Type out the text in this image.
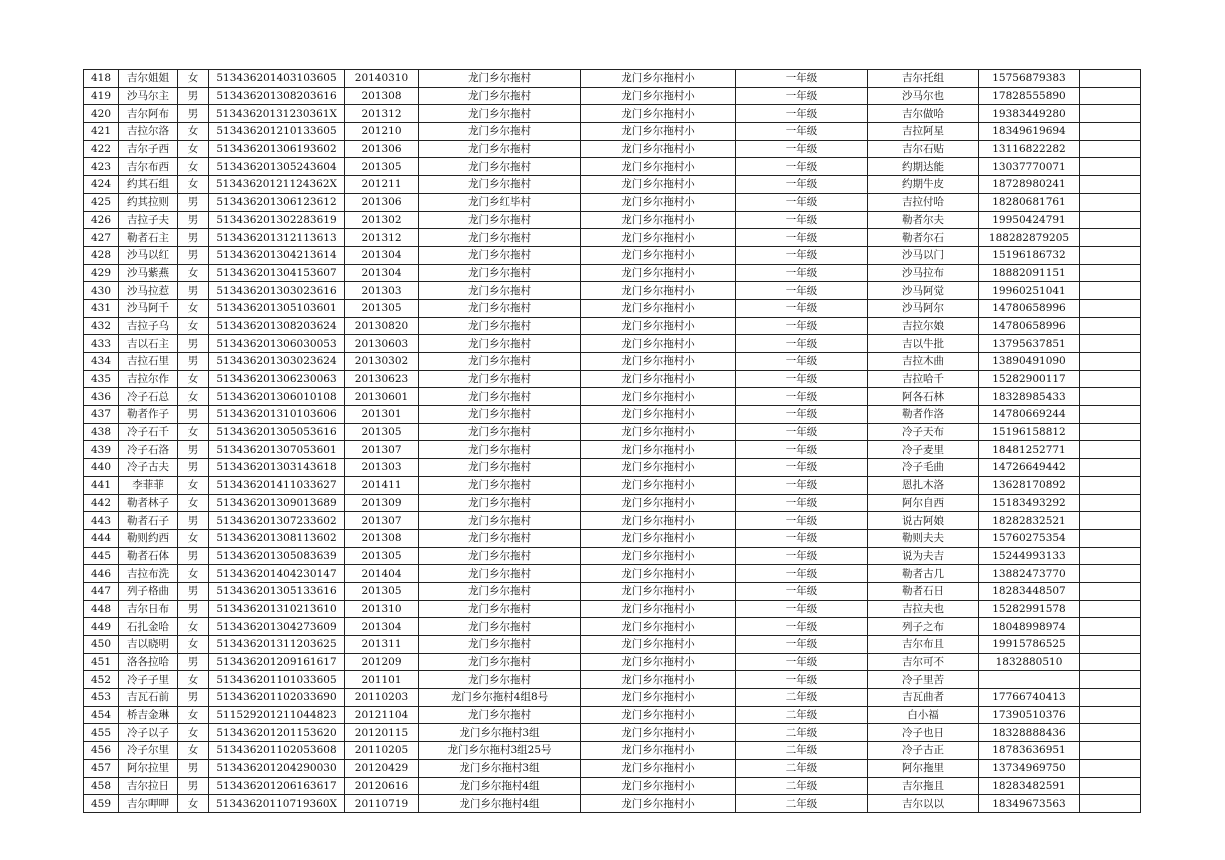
418	吉尔姐姐	女	513436201403103605	20140310	龙门乡尔拖村	龙门乡尔拖村小	一年级	吉尔托组	15756879383	
419	沙马尔主	男	513436201308203616	201308	龙门乡尔拖村	龙门乡尔拖村小	一年级	沙马尔也	17828555890	
420	吉尔阿布	男	51343620131230361X	201312	龙门乡尔拖村	龙门乡尔拖村小	一年级	吉尔做哈	19383449280	
421	吉拉尔洛	女	513436201210133605	201210	龙门乡尔拖村	龙门乡尔拖村小	一年级	吉拉阿星	18349619694	
422	吉尔子西	女	513436201306193602	201306	龙门乡尔拖村	龙门乡尔拖村小	一年级	吉尔石贴	13116822282	
423	吉尔布西	女	513436201305243604	201305	龙门乡尔拖村	龙门乡尔拖村小	一年级	约期达能	13037770071	
424	约其石组	女	51343620121124362X	201211	龙门乡尔拖村	龙门乡尔拖村小	一年级	约期牛皮	18728980241	
425	约其拉则	男	513436201306123612	201306	龙门乡红毕村	龙门乡尔拖村小	一年级	吉拉付哈	18280681761	
426	吉拉子夫	男	513436201302283619	201302	龙门乡尔拖村	龙门乡尔拖村小	一年级	勒者尔夫	19950424791	
427	勒者石主	男	513436201312113613	201312	龙门乡尔拖村	龙门乡尔拖村小	一年级	勒者尔石	188282879205	
428	沙马以红	男	513436201304213614	201304	龙门乡尔拖村	龙门乡尔拖村小	一年级	沙马以门	15196186732	
429	沙马紫燕	女	513436201304153607	201304	龙门乡尔拖村	龙门乡尔拖村小	一年级	沙马拉布	18882091151	
430	沙马拉惹	男	513436201303023616	201303	龙门乡尔拖村	龙门乡尔拖村小	一年级	沙马阿觉	19960251041	
431	沙马阿千	女	513436201305103601	201305	龙门乡尔拖村	龙门乡尔拖村小	一年级	沙马阿尔	14780658996	
432	吉拉子乌	女	513436201308203624	20130820	龙门乡尔拖村	龙门乡尔拖村小	一年级	吉拉尔娘	14780658996	
433	吉以石主	男	513436201306030053	20130603	龙门乡尔拖村	龙门乡尔拖村小	一年级	吉以牛批	13795637851	
434	吉拉石里	男	513436201303023624	20130302	龙门乡尔拖村	龙门乡尔拖村小	一年级	吉拉木曲	13890491090	
435	吉拉尔作	女	513436201306230063	20130623	龙门乡尔拖村	龙门乡尔拖村小	一年级	吉拉哈千	15282900117	
436	冷子石总	女	513436201306010108	20130601	龙门乡尔拖村	龙门乡尔拖村小	一年级	阿各石林	18328985433	
437	勒者作子	男	513436201310103606	201301	龙门乡尔拖村	龙门乡尔拖村小	一年级	勒者作洛	14780669244	
438	冷子石千	女	513436201305053616	201305	龙门乡尔拖村	龙门乡尔拖村小	一年级	冷子天布	15196158812	
439	冷子石洛	男	513436201307053601	201307	龙门乡尔拖村	龙门乡尔拖村小	一年级	冷子麦里	18481252771	
440	冷子古夫	男	513436201303143618	201303	龙门乡尔拖村	龙门乡尔拖村小	一年级	冷子毛曲	14726649442	
441	李菲菲	女	513436201411033627	201411	龙门乡尔拖村	龙门乡尔拖村小	一年级	恩扎木洛	13628170892	
442	勒者林子	女	513436201309013689	201309	龙门乡尔拖村	龙门乡尔拖村小	一年级	阿尔自西	15183493292	
443	勒者石子	男	513436201307233602	201307	龙门乡尔拖村	龙门乡尔拖村小	一年级	说古阿娘	18282832521	
444	勒则约西	女	513436201308113602	201308	龙门乡尔拖村	龙门乡尔拖村小	一年级	勒则夫夫	15760275354	
445	勒者石体	男	513436201305083639	201305	龙门乡尔拖村	龙门乡尔拖村小	一年级	说为夫吉	15244993133	
446	吉拉布洗	女	513436201404230147	201404	龙门乡尔拖村	龙门乡尔拖村小	一年级	勒者古几	13882473770	
447	列子格曲	男	513436201305133616	201305	龙门乡尔拖村	龙门乡尔拖村小	一年级	勒者石日	18283448507	
448	吉尔日布	男	513436201310213610	201310	龙门乡尔拖村	龙门乡尔拖村小	一年级	吉拉夫也	15282991578	
449	石扎金哈	女	513436201304273609	201304	龙门乡尔拖村	龙门乡尔拖村小	一年级	列子之布	18048998974	
450	吉以晓明	女	513436201311203625	201311	龙门乡尔拖村	龙门乡尔拖村小	一年级	吉尔布且	19915786525	
451	洛各拉哈	男	513436201209161617	201209	龙门乡尔拖村	龙门乡尔拖村小	一年级	吉尔可不	1832880510	
452	冷子子里	女	513436201101033605	201101	龙门乡尔拖村	龙门乡尔拖村小	一年级	冷子里苦		
453	吉瓦石前	男	513436201102033690	20110203	龙门乡尔拖村4组8号	龙门乡尔拖村小	二年级	吉瓦曲者	17766740413	
454	桥吉金琳	女	511529201211044823	20121104	龙门乡尔拖村	龙门乡尔拖村小	二年级	白小福	17390510376	
455	冷子以子	女	513436201201153620	20120115	龙门乡尔拖村3组	龙门乡尔拖村小	二年级	冷子也日	18328888436	
456	冷子尔里	女	513436201102053608	20110205	龙门乡尔拖村3组25号	龙门乡尔拖村小	二年级	冷子古正	18783636951	
457	阿尔拉里	男	513436201204290030	20120429	龙门乡尔拖村3组	龙门乡尔拖村小	二年级	阿尔拖里	13734969750	
458	吉尔拉日	男	513436201206163617	20120616	龙门乡尔拖村4组	龙门乡尔拖村小	二年级	吉尔拖且	18283482591	
459	吉尔呷呷	女	51343620110719360X	20110719	龙门乡尔拖村4组	龙门乡尔拖村小	二年级	吉尔以以	18349673563	
